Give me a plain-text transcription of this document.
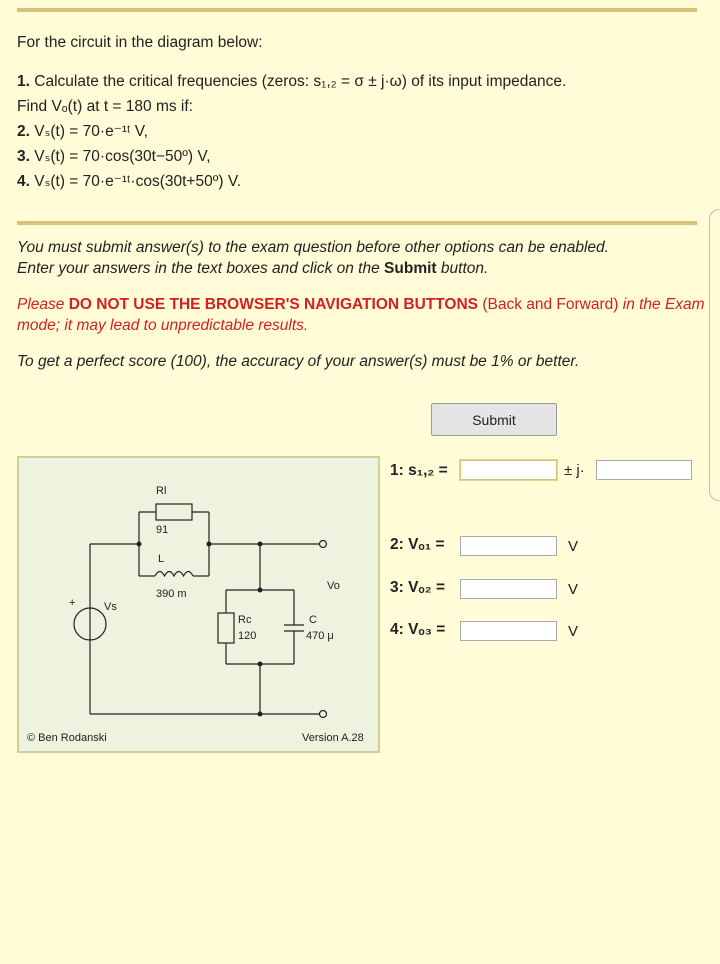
For the circuit in the diagram below:

1. Calculate the critical frequencies (zeros: s₁,₂ = σ ± j·ω) of its input impedance.

Find Vₒ(t) at t = 180 ms if:

2. Vₛ(t) = 70·e⁻¹ᵗ V,

3. Vₛ(t) = 70·cos(30t−50º) V,

4. Vₛ(t) = 70·e⁻¹ᵗ·cos(30t+50º) V.

You must submit answer(s) to the exam question before other options can be enabled.

Enter your answers in the text boxes and click on the Submit button.

Please DO NOT USE THE BROWSER'S NAVIGATION BUTTONS (Back and Forward) in the Exam mode; it may lead to unpredictable results.

To get a perfect score (100), the accuracy of your answer(s) must be 1% or better.

Submit
Rl
91
L
390 m
+	Vs
Rc
120
C
470 μ
Vo
© Ben Rodanski	Version A.28
1: s₁,₂ =	± j·
2: Vₒ₁ =	V
3: Vₒ₂ =	V
4: Vₒ₃ =	V
